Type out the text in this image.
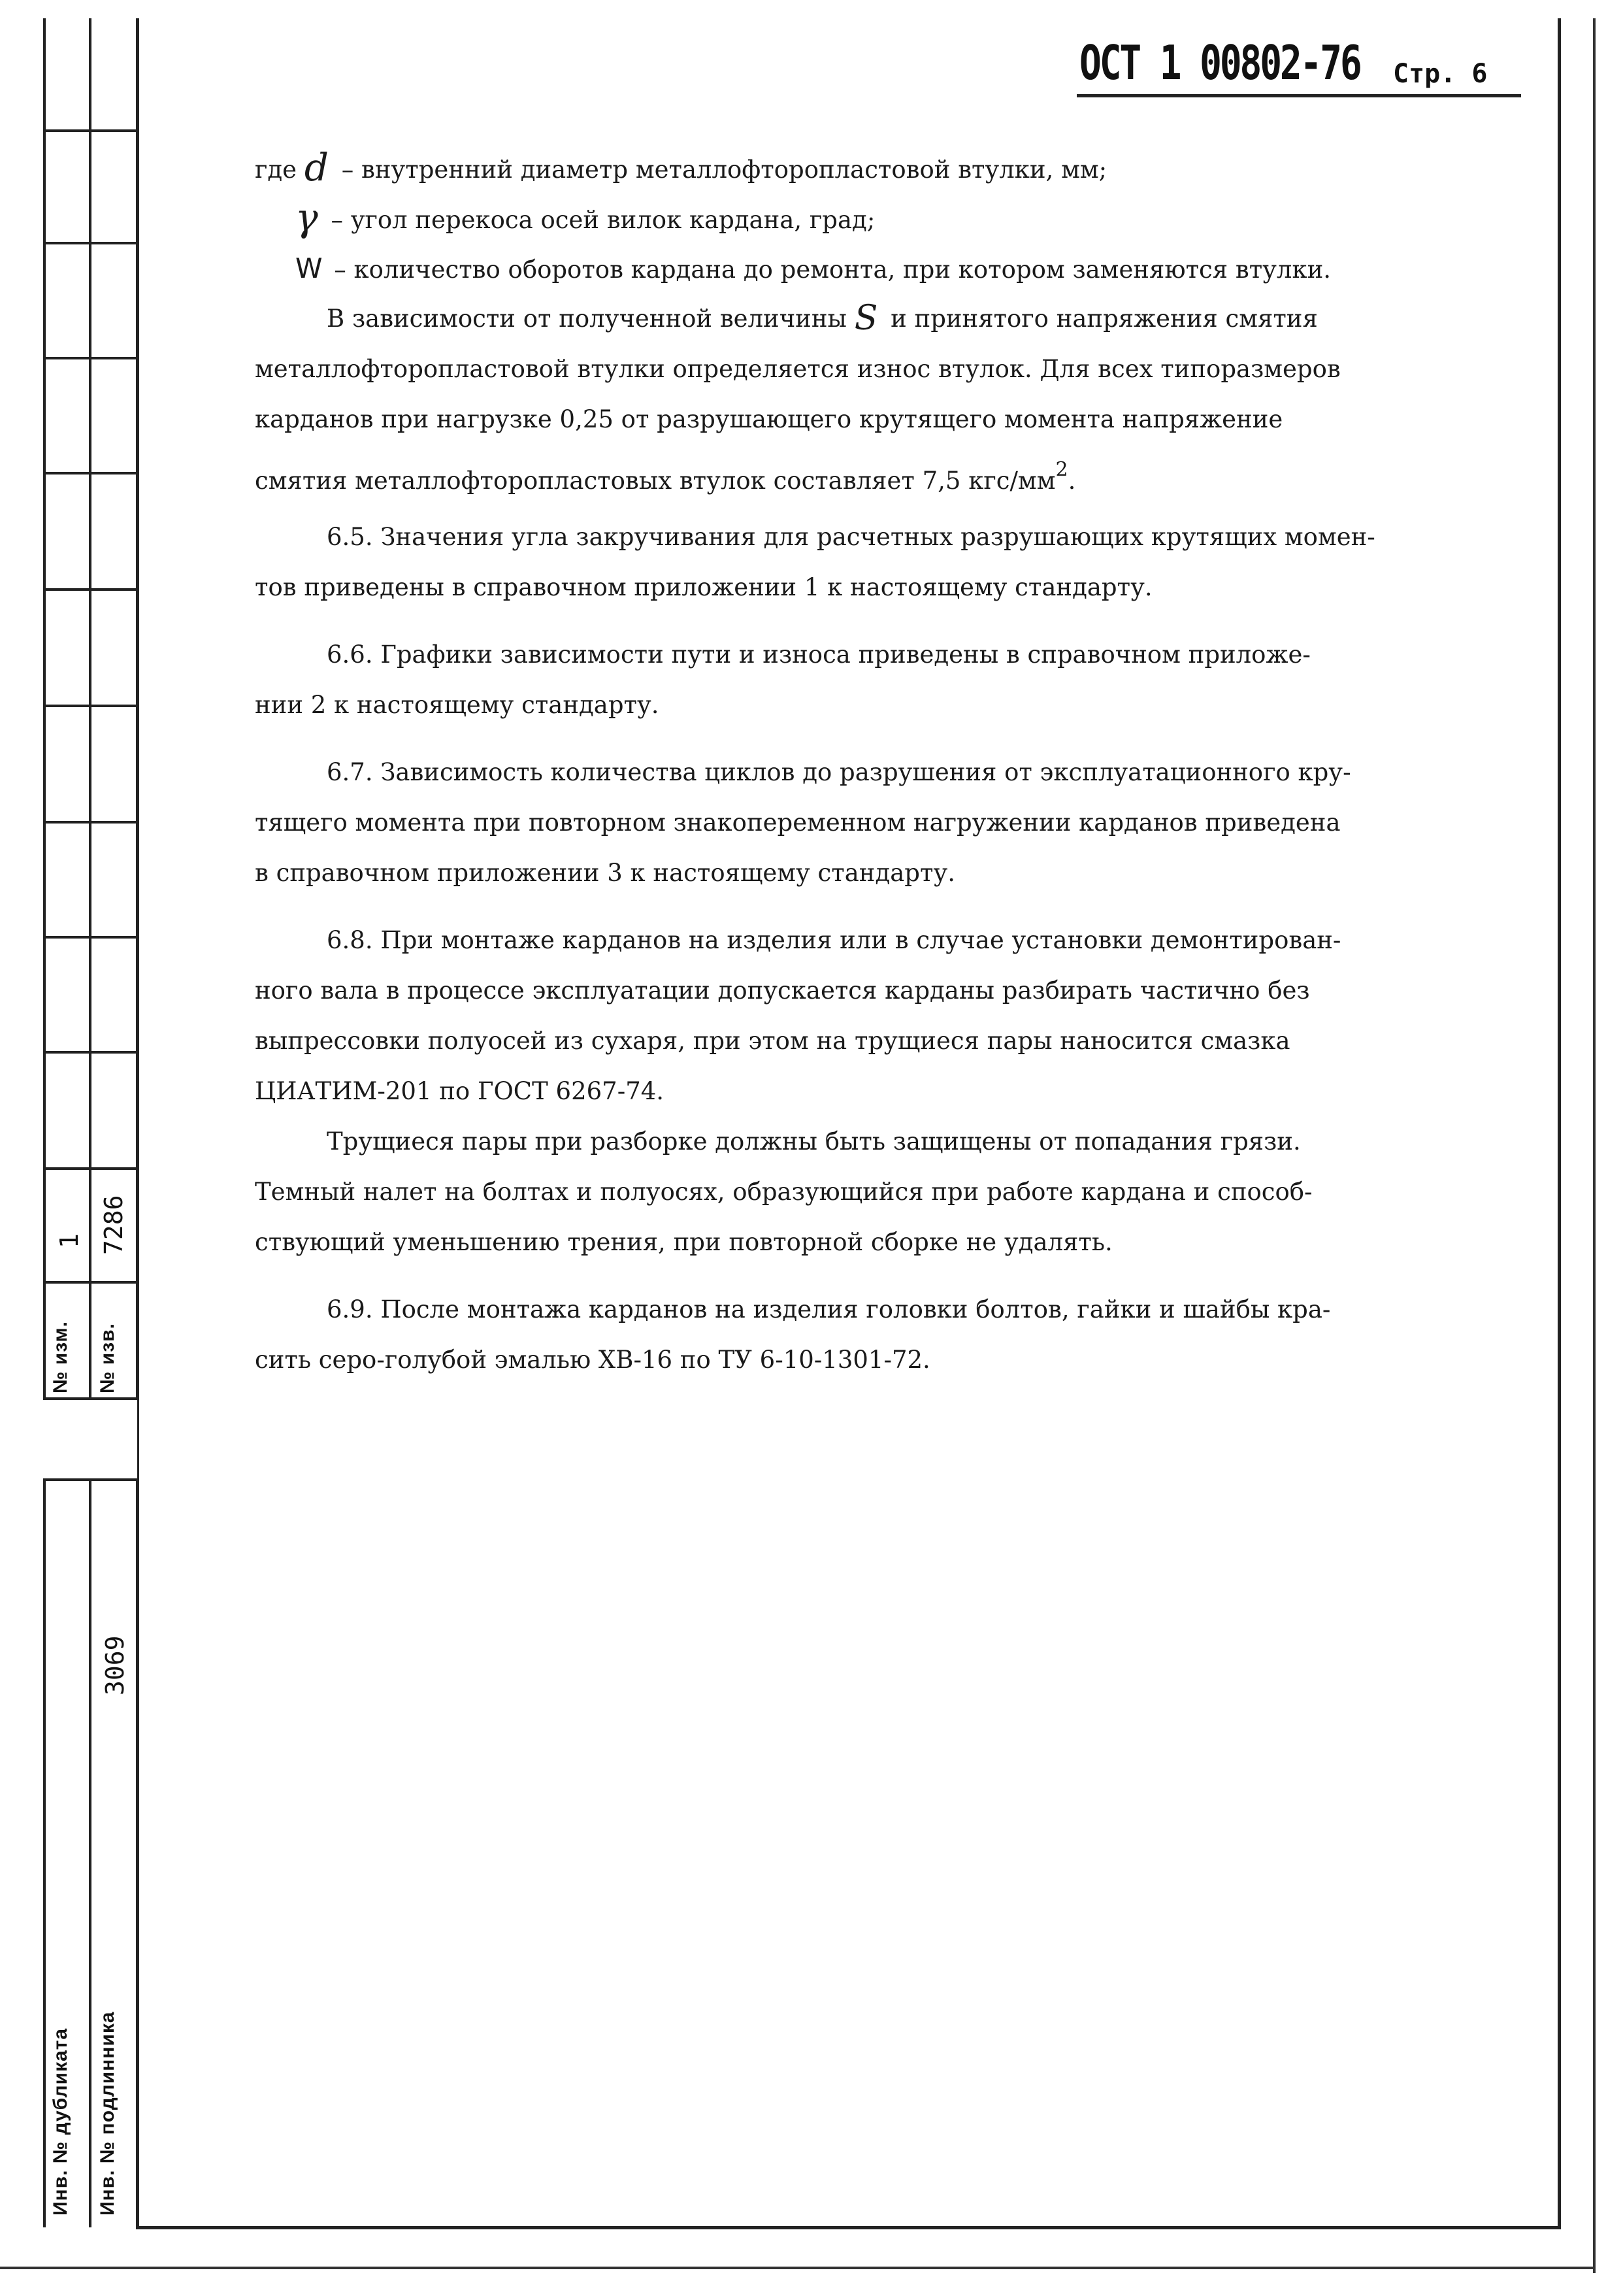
№ изм.
1
№ изв.
7286
Инв. № дубликата Инв. № подлинника
3069
ОСТ 1 00802-76 Стр. 6
где d – внутренний диаметр металлофторопластовой втулки, мм;
γ – угол перекоса осей вилок кардана, град;
W – количество оборотов кардана до ремонта, при котором заменяются втулки.
В зависимости от полученной величины S и принятого напряжения смятия
металлофторопластовой втулки определяется износ втулок. Для всех типоразмеров
карданов при нагрузке 0,25 от разрушающего крутящего момента напряжение
смятия металлофторопластовых втулок составляет 7,5 кгс/$мм^2$.
6.5. Значения угла закручивания для расчетных разрушающих крутящих момен-
тов приведены в справочном приложении 1 к настоящему стандарту.
6.6. Графики зависимости пути и износа приведены в справочном приложе-
нии 2 к настоящему стандарту.
6.7. Зависимость количества циклов до разрушения от эксплуатационного кру-
тящего момента при повторном знакопеременном нагружении карданов приведена
в справочном приложении 3 к настоящему стандарту.
6.8. При монтаже карданов на изделия или в случае установки демонтирован-
ного вала в процессе эксплуатации допускается карданы разбирать частично без
выпрессовки полуосей из сухаря, при этом на трущиеся пары наносится смазка
ЦИАТИМ-201 по ГОСТ 6267-74.
Трущиеся пары при разборке должны быть защищены от попадания грязи.
Темный налет на болтах и полуосях, образующийся при работе кардана и способ-
ствующий уменьшению трения, при повторной сборке не удалять.
6.9. После монтажа карданов на изделия головки болтов, гайки и шайбы кра-
сить серо-голубой эмалью ХВ-16 по ТУ 6-10-1301-72.
